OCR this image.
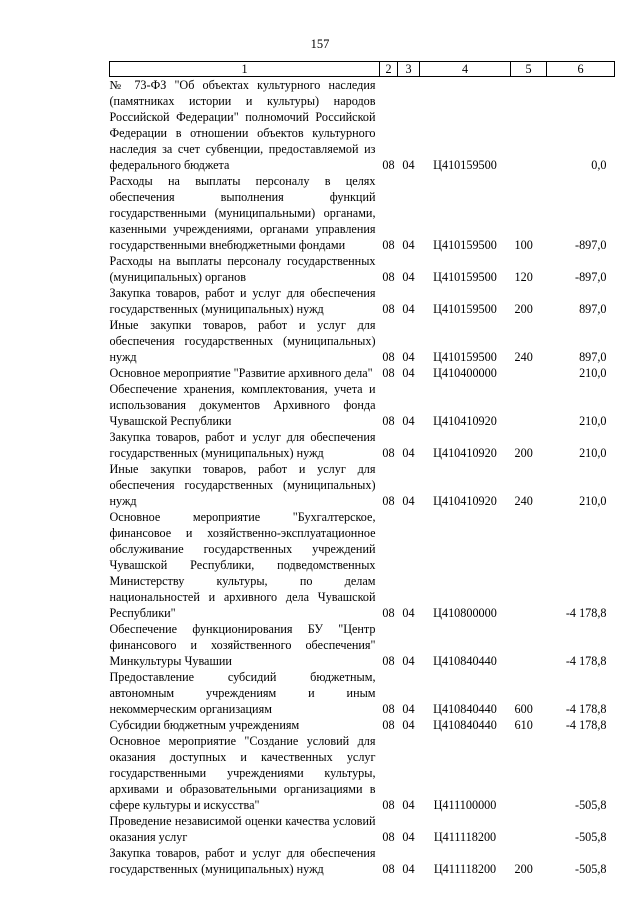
157
1	2	3	4	5	6
№ 73-ФЗ "Об объектах культурного наследия (памятниках истории и культуры) народов Российской Федерации" полномочий Российской Федерации в отношении объектов культурного наследия за счет субвенции, предоставляемой из федерального бюджета	08	04	Ц410159500		0,0
Расходы на выплаты персоналу в целях обеспечения выполнения функций государственными (муниципальными) органами, казенными учреждениями, органами управления государственными внебюджетными фондами	08	04	Ц410159500	100	-897,0
Расходы на выплаты персоналу государственных (муниципальных) органов	08	04	Ц410159500	120	-897,0
Закупка товаров, работ и услуг для обеспечения государственных (муниципальных) нужд	08	04	Ц410159500	200	897,0
Иные закупки товаров, работ и услуг для обеспечения государственных (муниципальных) нужд	08	04	Ц410159500	240	897,0
Основное мероприятие "Развитие архивного дела"	08	04	Ц410400000		210,0
Обеспечение хранения, комплектования, учета и использования документов Архивного фонда Чувашской Республики	08	04	Ц410410920		210,0
Закупка товаров, работ и услуг для обеспечения государственных (муниципальных) нужд	08	04	Ц410410920	200	210,0
Иные закупки товаров, работ и услуг для обеспечения государственных (муниципальных) нужд	08	04	Ц410410920	240	210,0
Основное мероприятие "Бухгалтерское, финансовое и хозяйственно-эксплуатационное обслуживание государственных учреждений Чувашской Республики, подведомственных Министерству культуры, по делам национальностей и архивного дела Чувашской Республики"	08	04	Ц410800000		-4 178,8
Обеспечение функционирования БУ "Центр финансового и хозяйственного обеспечения" Минкультуры Чувашии	08	04	Ц410840440		-4 178,8
Предоставление субсидий бюджетным, автономным учреждениям и иным некоммерческим организациям	08	04	Ц410840440	600	-4 178,8
Субсидии бюджетным учреждениям	08	04	Ц410840440	610	-4 178,8
Основное мероприятие "Создание условий для оказания доступных и качественных услуг государственными учреждениями культуры, архивами и образовательными организациями в сфере культуры и искусства"	08	04	Ц411100000		-505,8
Проведение независимой оценки качества условий оказания услуг	08	04	Ц411118200		-505,8
Закупка товаров, работ и услуг для обеспечения государственных (муниципальных) нужд	08	04	Ц411118200	200	-505,8
